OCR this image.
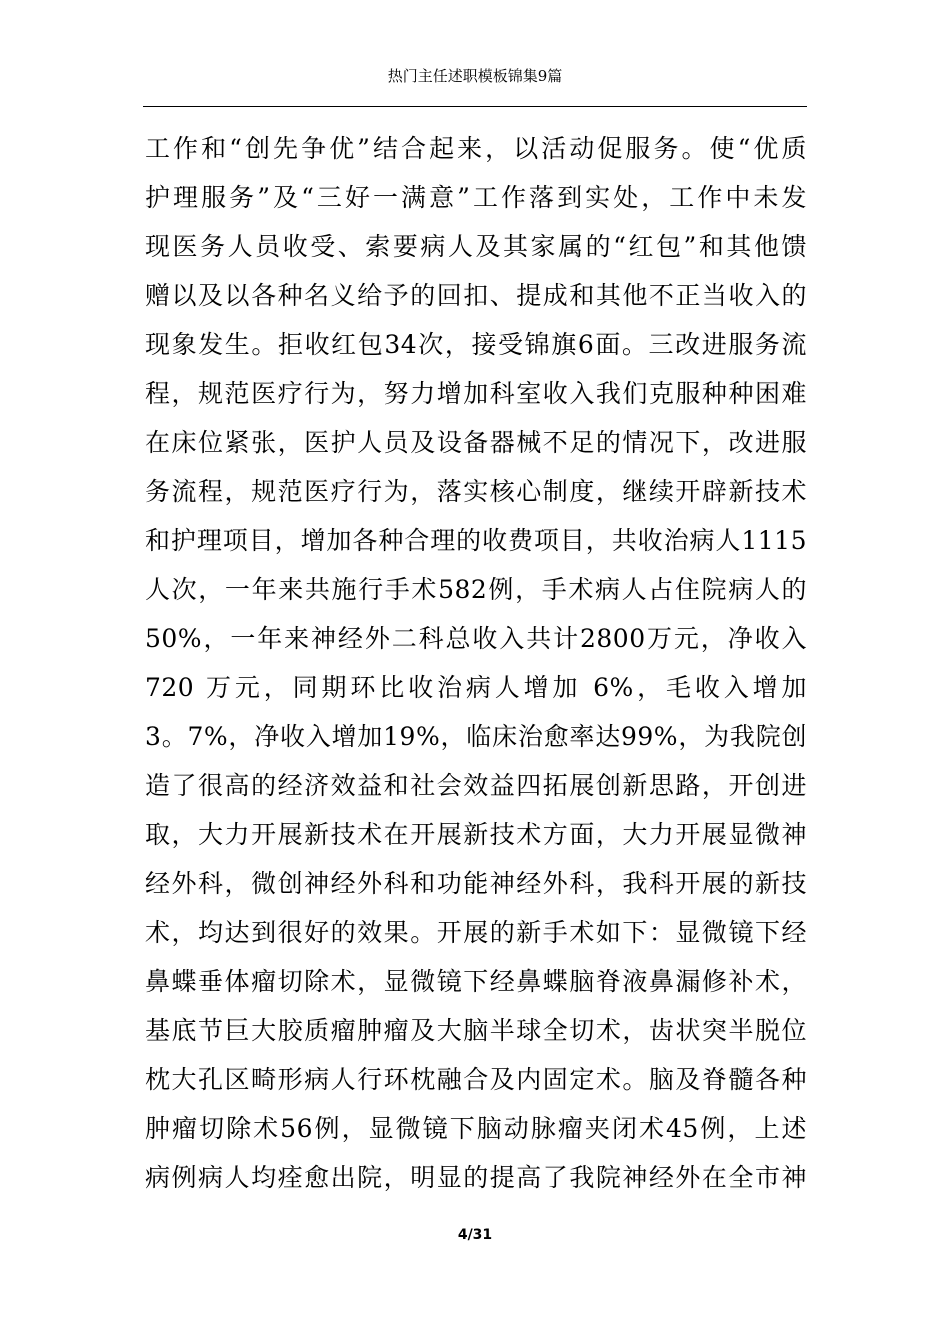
热门主任述职模板锦集9篇
工作和“创先争优”结合起来，以活动促服务。使“优质
护理服务”及“三好一满意”工作落到实处，工作中未发
现医务人员收受、索要病人及其家属的“红包”和其他馈
赠以及以各种名义给予的回扣、提成和其他不正当收入的
现象发生。拒收红包34次，接受锦旗6面。三改进服务流
程，规范医疗行为，努力增加科室收入我们克服种种困难
在床位紧张，医护人员及设备器械不足的情况下，改进服
务流程，规范医疗行为，落实核心制度，继续开辟新技术
和护理项目，增加各种合理的收费项目，共收治病人1115
人次，一年来共施行手术582例，手术病人占住院病人的
50%，一年来神经外二科总收入共计2800万元，净收入
720 万元，同期环比收治病人增加 6%，毛收入增加
3。7%，净收入增加19%，临床治愈率达99%，为我院创
造了很高的经济效益和社会效益四拓展创新思路，开创进
取，大力开展新技术在开展新技术方面，大力开展显微神
经外科，微创神经外科和功能神经外科，我科开展的新技
术，均达到很好的效果。开展的新手术如下：显微镜下经
鼻蝶垂体瘤切除术，显微镜下经鼻蝶脑脊液鼻漏修补术，
基底节巨大胶质瘤肿瘤及大脑半球全切术，齿状突半脱位
枕大孔区畸形病人行环枕融合及内固定术。脑及脊髓各种
肿瘤切除术56例，显微镜下脑动脉瘤夹闭术45例，上述
病例病人均痊愈出院，明显的提高了我院神经外在全市神
4/31
